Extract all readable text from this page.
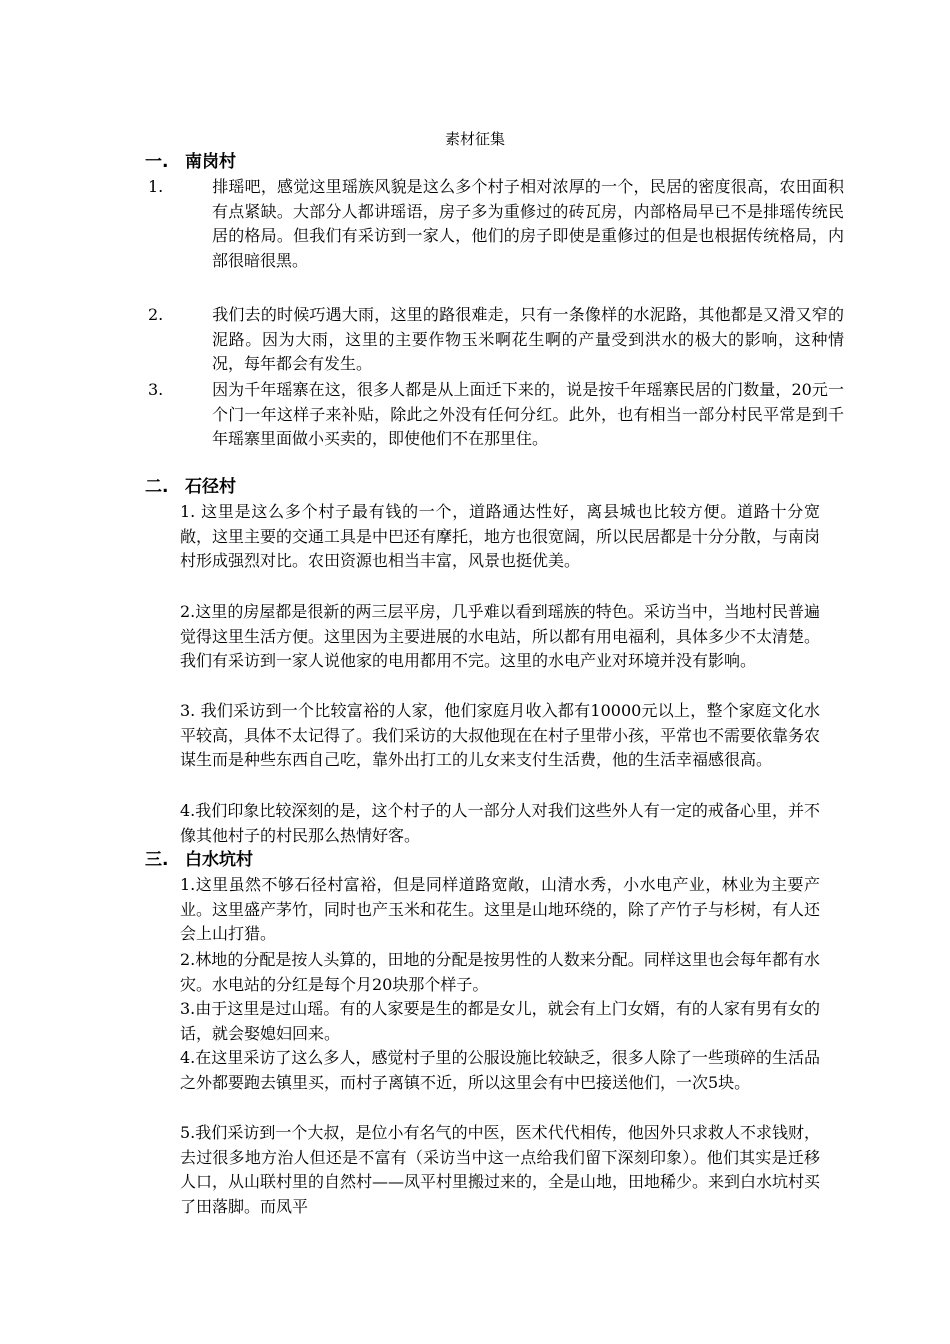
素材征集
一. 南岗村
1.	排瑶吧，感觉这里瑶族风貌是这么多个村子相对浓厚的一个，民居的密度很高，农田面积有点紧缺。大部分人都讲瑶语，房子多为重修过的砖瓦房，内部格局早已不是排瑶传统民居的格局。但我们有采访到一家人，他们的房子即使是重修过的但是也根据传统格局，内部很暗很黑。
2.	我们去的时候巧遇大雨，这里的路很难走，只有一条像样的水泥路，其他都是又滑又窄的泥路。因为大雨，这里的主要作物玉米啊花生啊的产量受到洪水的极大的影响，这种情况，每年都会有发生。
3.	因为千年瑶寨在这，很多人都是从上面迁下来的，说是按千年瑶寨民居的门数量，20元一个门一年这样子来补贴，除此之外没有任何分红。此外，也有相当一部分村民平常是到千年瑶寨里面做小买卖的，即使他们不在那里住。
二. 石径村
1. 这里是这么多个村子最有钱的一个，道路通达性好，离县城也比较方便。道路十分宽敞，这里主要的交通工具是中巴还有摩托，地方也很宽阔，所以民居都是十分分散，与南岗村形成强烈对比。农田资源也相当丰富，风景也挺优美。
2.这里的房屋都是很新的两三层平房，几乎难以看到瑶族的特色。采访当中，当地村民普遍觉得这里生活方便。这里因为主要进展的水电站，所以都有用电福利，具体多少不太清楚。我们有采访到一家人说他家的电用都用不完。这里的水电产业对环境并没有影响。
3. 我们采访到一个比较富裕的人家，他们家庭月收入都有10000元以上，整个家庭文化水平较高，具体不太记得了。我们采访的大叔他现在在村子里带小孩，平常也不需要依靠务农谋生而是种些东西自己吃，靠外出打工的儿女来支付生活费，他的生活幸福感很高。
4.我们印象比较深刻的是，这个村子的人一部分人对我们这些外人有一定的戒备心里，并不像其他村子的村民那么热情好客。
三. 白水坑村
1.这里虽然不够石径村富裕，但是同样道路宽敞，山清水秀，小水电产业，林业为主要产业。这里盛产茅竹，同时也产玉米和花生。这里是山地环绕的，除了产竹子与杉树，有人还会上山打猎。
2.林地的分配是按人头算的，田地的分配是按男性的人数来分配。同样这里也会每年都有水灾。水电站的分红是每个月20块那个样子。
3.由于这里是过山瑶。有的人家要是生的都是女儿，就会有上门女婿，有的人家有男有女的话，就会娶媳妇回来。
4.在这里采访了这么多人，感觉村子里的公服设施比较缺乏，很多人除了一些琐碎的生活品之外都要跑去镇里买，而村子离镇不近，所以这里会有中巴接送他们，一次5块。
5.我们采访到一个大叔，是位小有名气的中医，医术代代相传，他因外只求救人不求钱财，去过很多地方治人但还是不富有（采访当中这一点给我们留下深刻印象）。他们其实是迁移人口，从山联村里的自然村——凤平村里搬过来的，全是山地，田地稀少。来到白水坑村买了田落脚。而凤平
